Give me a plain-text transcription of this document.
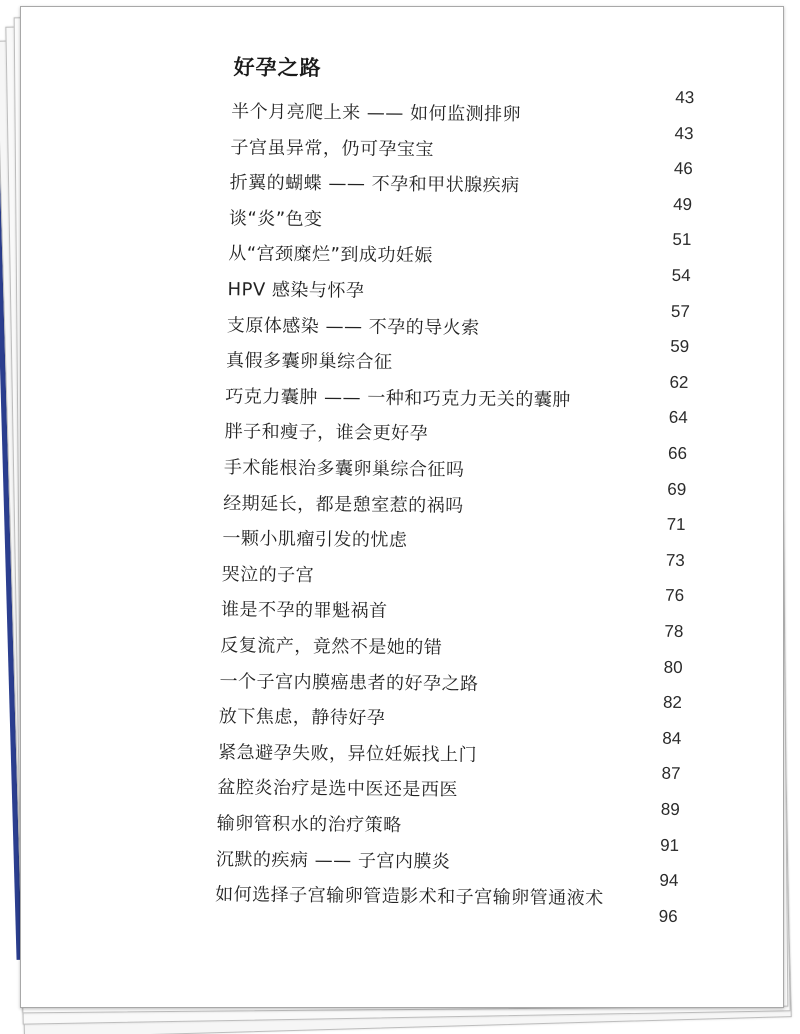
好孕之路
半个月亮爬上来 —— 如何监测排卵
43
子宫虽异常，仍可孕宝宝
43
折翼的蝴蝶 —— 不孕和甲状腺疾病
46
谈“炎”色变
49
从“宫颈糜烂”到成功妊娠
51
HPV 感染与怀孕
54
支原体感染 —— 不孕的导火索
57
真假多囊卵巢综合征
59
巧克力囊肿 —— 一种和巧克力无关的囊肿
62
胖子和瘦子，谁会更好孕
64
手术能根治多囊卵巢综合征吗
66
经期延长，都是憩室惹的祸吗
69
一颗小肌瘤引发的忧虑
71
哭泣的子宫
73
谁是不孕的罪魁祸首
76
反复流产，竟然不是她的错
78
一个子宫内膜癌患者的好孕之路
80
放下焦虑，静待好孕
82
紧急避孕失败，异位妊娠找上门
84
盆腔炎治疗是选中医还是西医
87
输卵管积水的治疗策略
89
沉默的疾病 —— 子宫内膜炎
91
如何选择子宫输卵管造影术和子宫输卵管通液术
94
96
